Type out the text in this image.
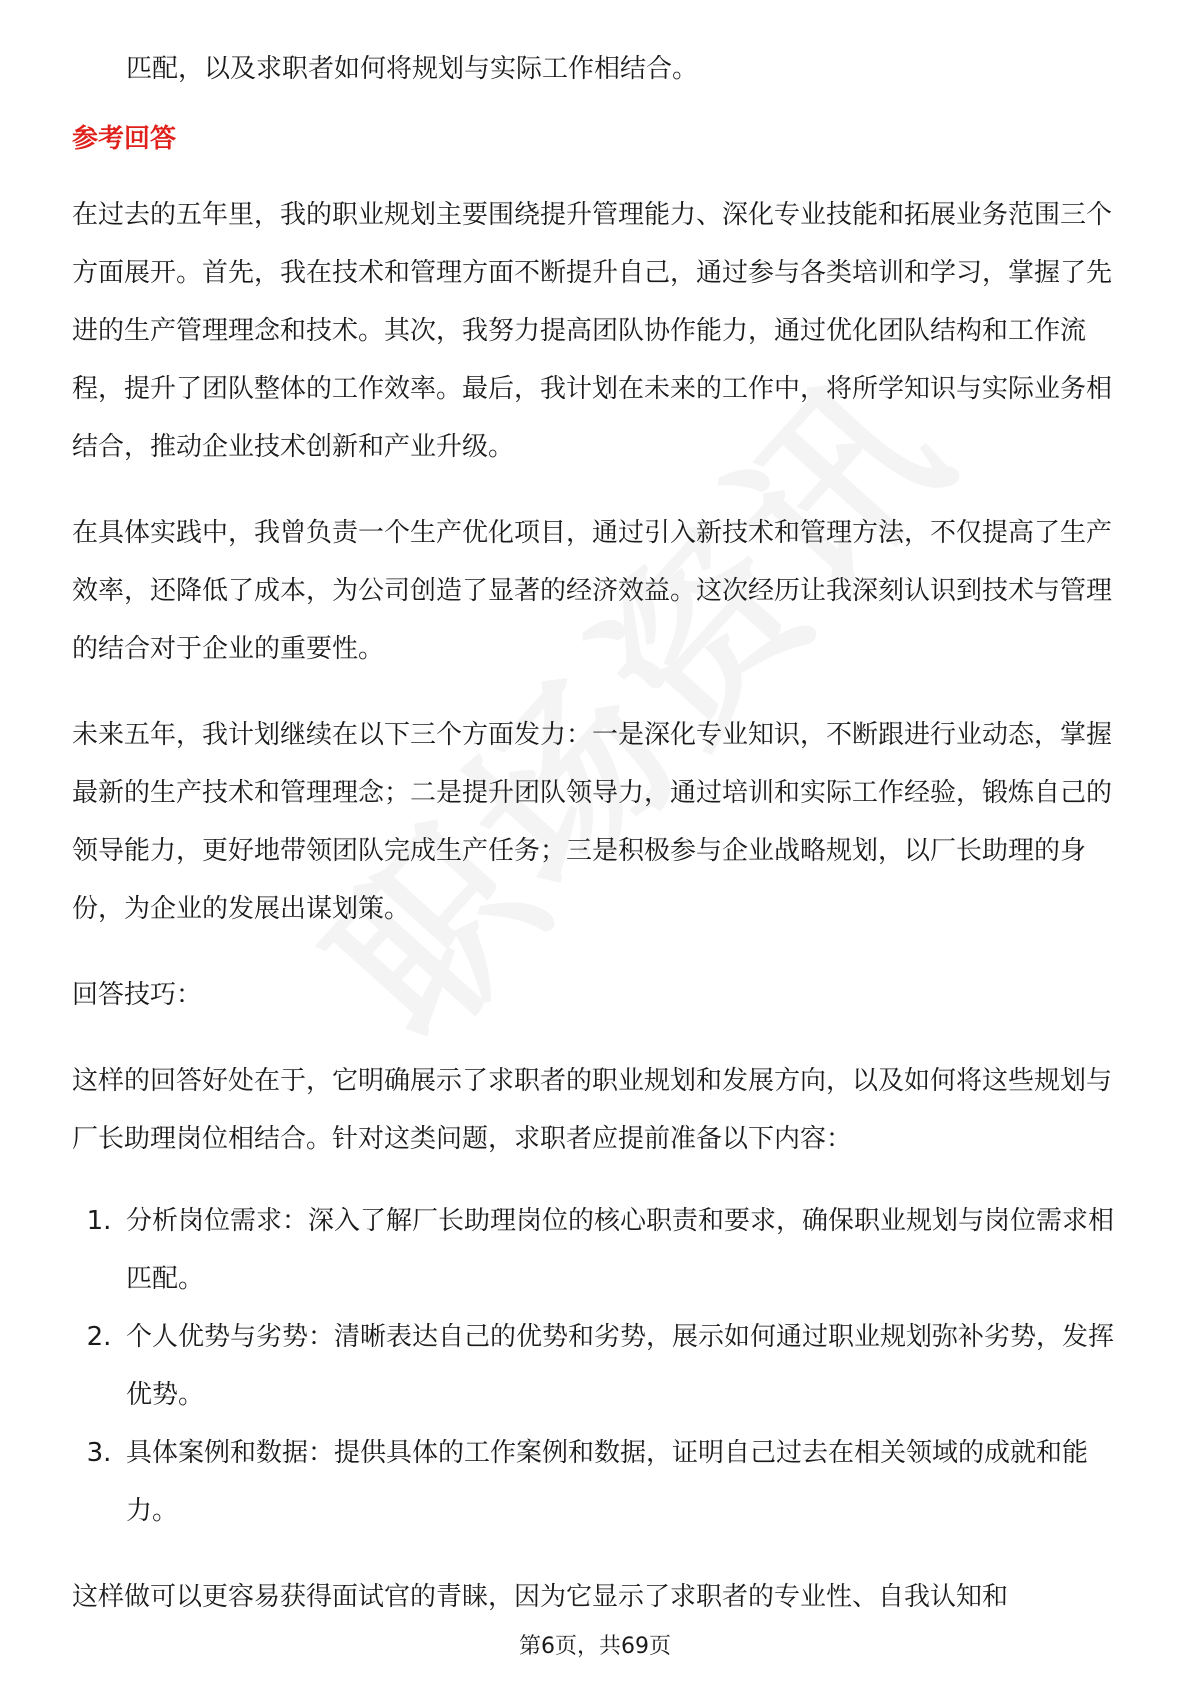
匹配，以及求职者如何将规划与实际工作相结合。

参考回答

在过去的五年里，我的职业规划主要围绕提升管理能力、深化专业技能和拓展业务范围三个方面展开。首先，我在技术和管理方面不断提升自己，通过参与各类培训和学习，掌握了先进的生产管理理念和技术。其次，我努力提高团队协作能力，通过优化团队结构和工作流程，提升了团队整体的工作效率。最后，我计划在未来的工作中，将所学知识与实际业务相结合，推动企业技术创新和产业升级。

在具体实践中，我曾负责一个生产优化项目，通过引入新技术和管理方法，不仅提高了生产效率，还降低了成本，为公司创造了显著的经济效益。这次经历让我深刻认识到技术与管理的结合对于企业的重要性。

未来五年，我计划继续在以下三个方面发力：一是深化专业知识，不断跟进行业动态，掌握最新的生产技术和管理理念；二是提升团队领导力，通过培训和实际工作经验，锻炼自己的领导能力，更好地带领团队完成生产任务；三是积极参与企业战略规划，以厂长助理的身份，为企业的发展出谋划策。

回答技巧：

这样的回答好处在于，它明确展示了求职者的职业规划和发展方向，以及如何将这些规划与厂长助理岗位相结合。针对这类问题，求职者应提前准备以下内容：

1. 分析岗位需求：深入了解厂长助理岗位的核心职责和要求，确保职业规划与岗位需求相匹配。
2. 个人优势与劣势：清晰表达自己的优势和劣势，展示如何通过职业规划弥补劣势，发挥优势。
3. 具体案例和数据：提供具体的工作案例和数据，证明自己过去在相关领域的成就和能力。

这样做可以更容易获得面试官的青睐，因为它显示了求职者的专业性、自我认知和

第6页，共69页
